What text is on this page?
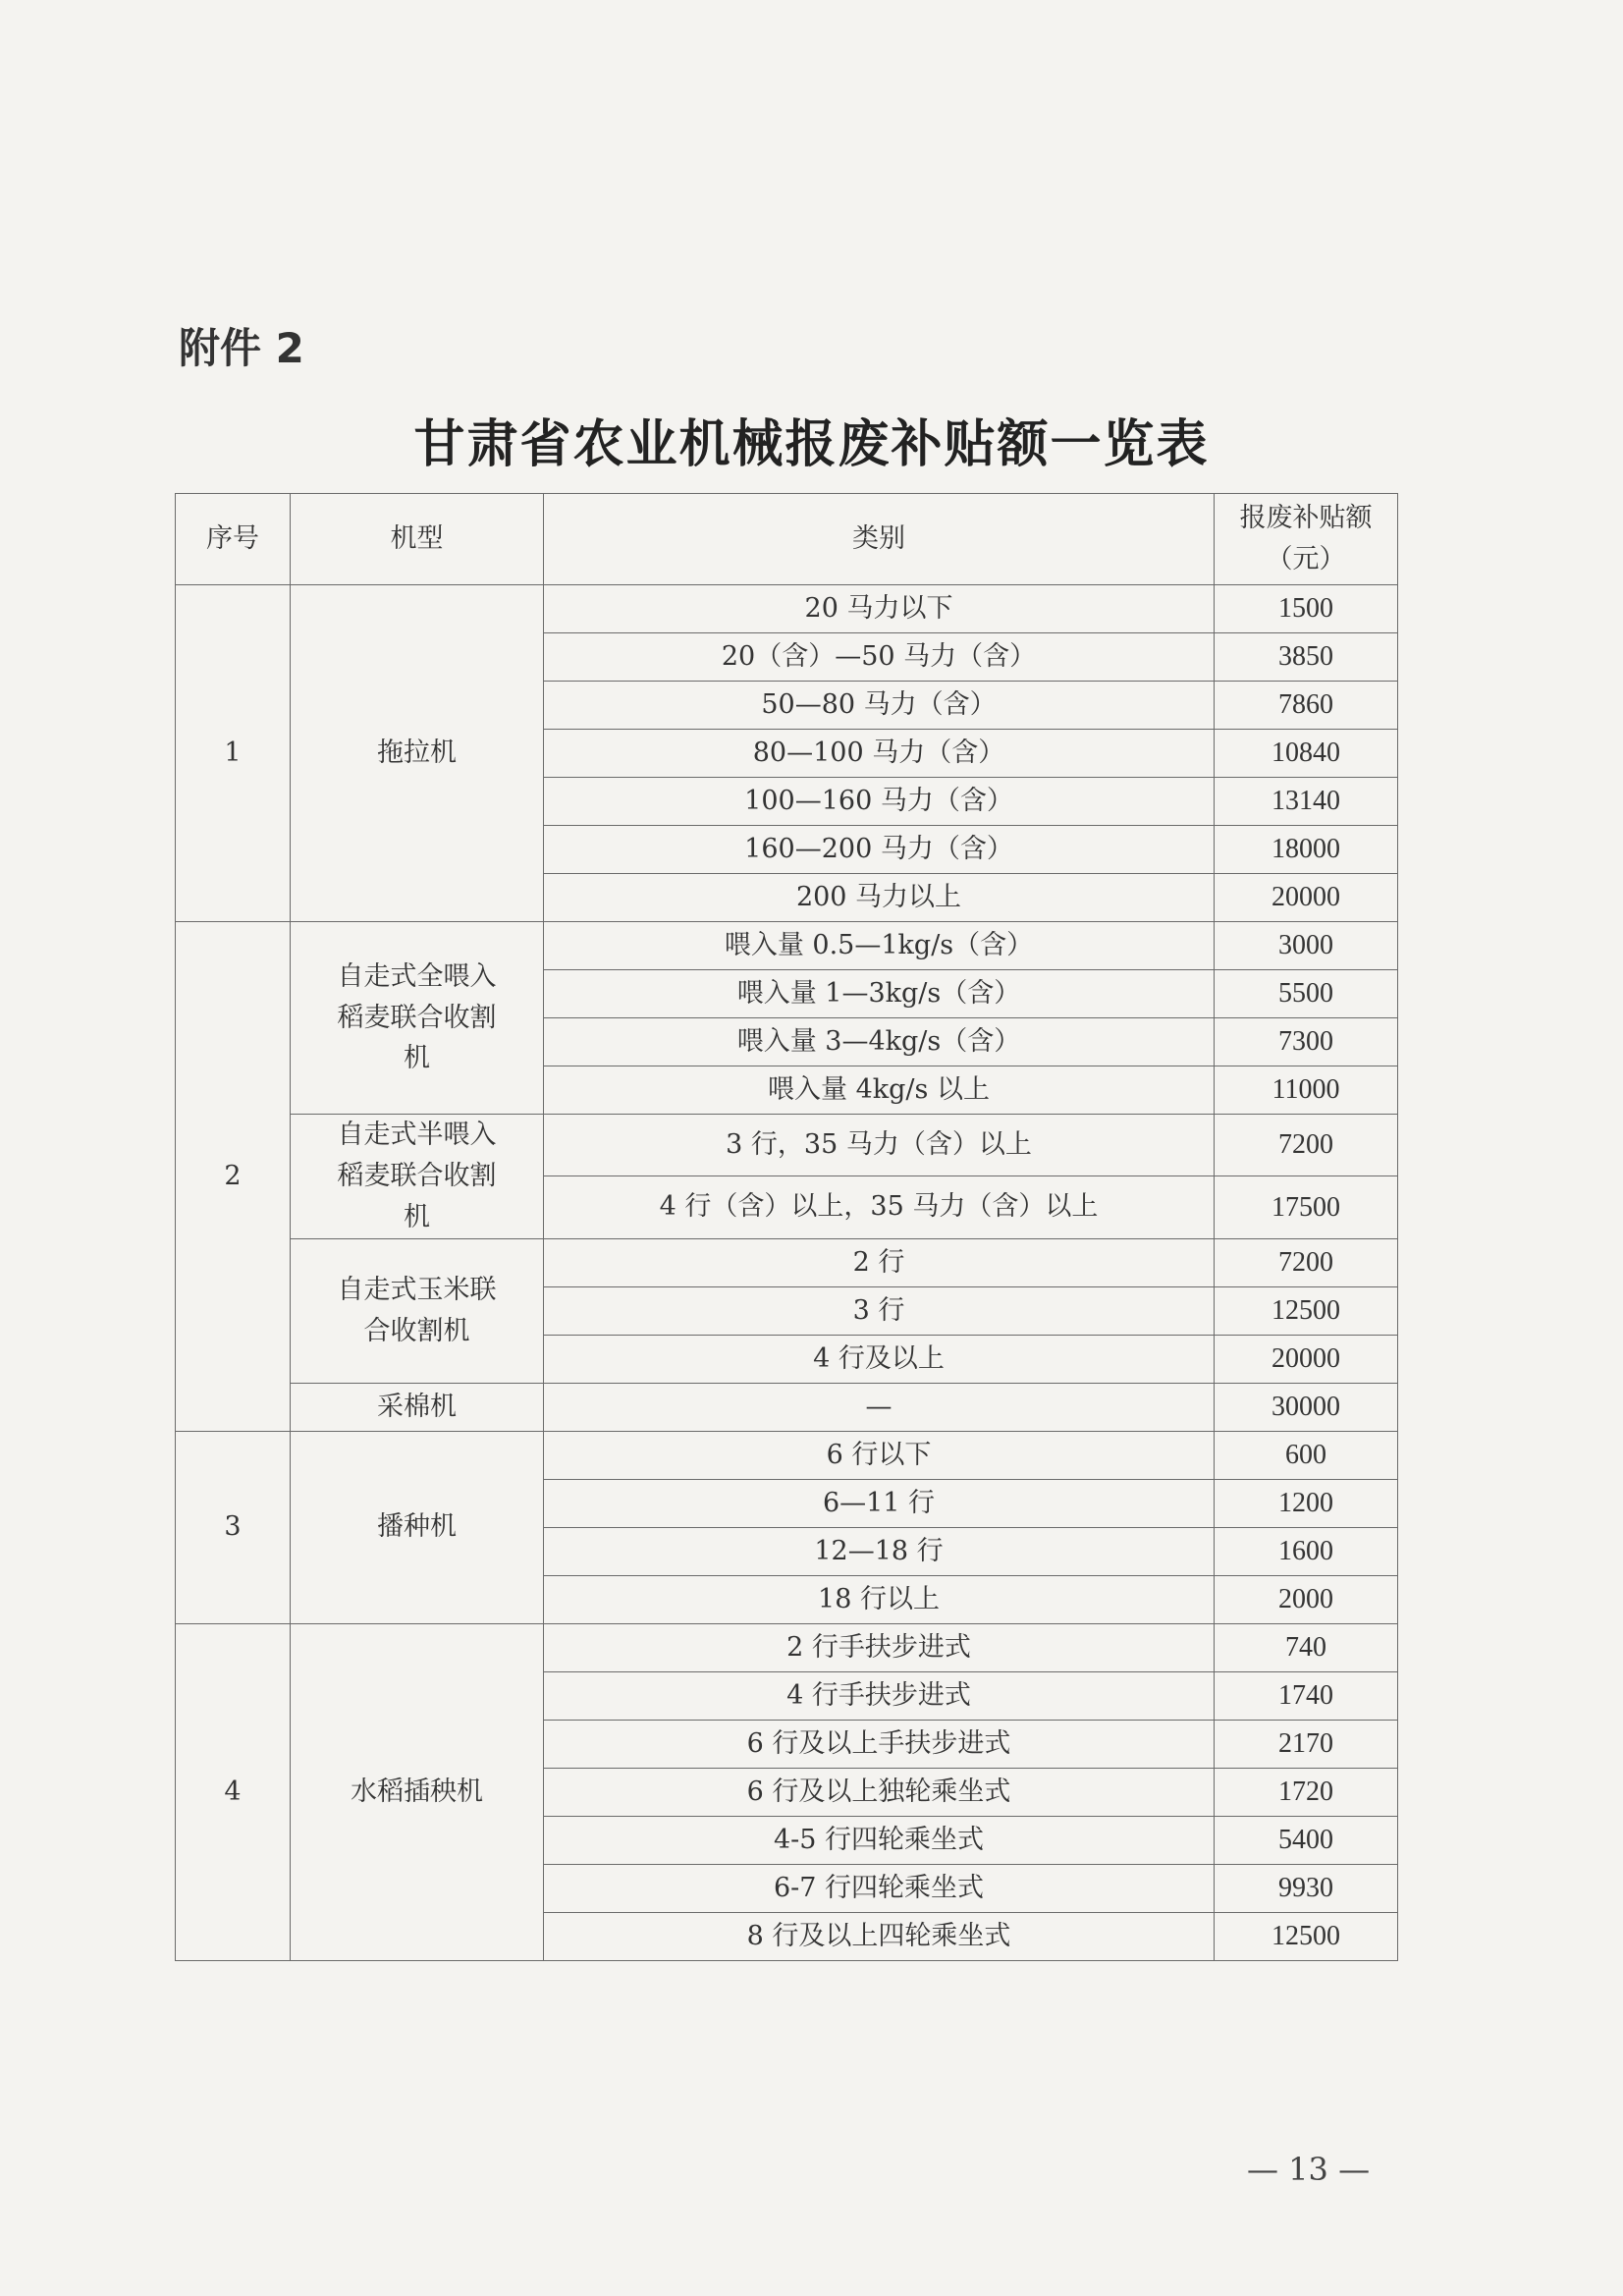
附件 2
甘肃省农业机械报废补贴额一览表
序号	机型	类别	报废补贴额（元）
1	拖拉机	20 马力以下	1500
		20（含）—50 马力（含）	3850
		50—80 马力（含）	7860
		80—100 马力（含）	10840
		100—160 马力（含）	13140
		160—200 马力（含）	18000
		200 马力以上	20000
2	自走式全喂入稻麦联合收割机	喂入量 0.5—1kg/s（含）	3000
		喂入量 1—3kg/s（含）	5500
		喂入量 3—4kg/s（含）	7300
		喂入量 4kg/s 以上	11000
	自走式半喂入稻麦联合收割机	3 行，35 马力（含）以上	7200
		4 行（含）以上，35 马力（含）以上	17500
	自走式玉米联合收割机	2 行	7200
		3 行	12500
		4 行及以上	20000
	采棉机	—	30000
3	播种机	6 行以下	600
		6—11 行	1200
		12—18 行	1600
		18 行以上	2000
4	水稻插秧机	2 行手扶步进式	740
		4 行手扶步进式	1740
		6 行及以上手扶步进式	2170
		6 行及以上独轮乘坐式	1720
		4-5 行四轮乘坐式	5400
		6-7 行四轮乘坐式	9930
		8 行及以上四轮乘坐式	12500

— 13 —
